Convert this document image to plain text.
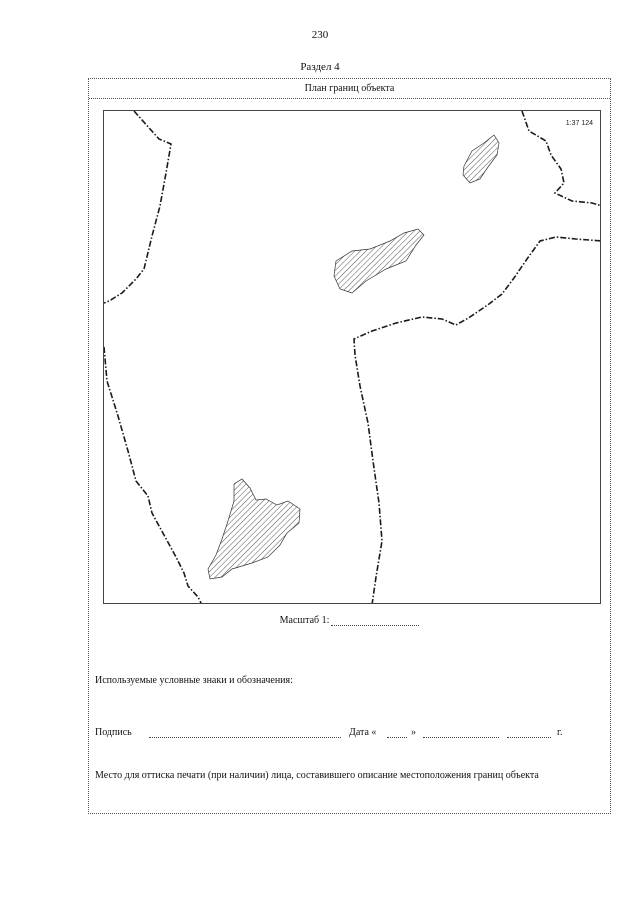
230
Раздел 4
План границ объекта
1:37 124
Масштаб 1:
Используемые условные знаки и обозначения:
Подпись	Дата «	»	г.
Место для оттиска печати (при наличии) лица, составившего описание местоположения границ объекта
